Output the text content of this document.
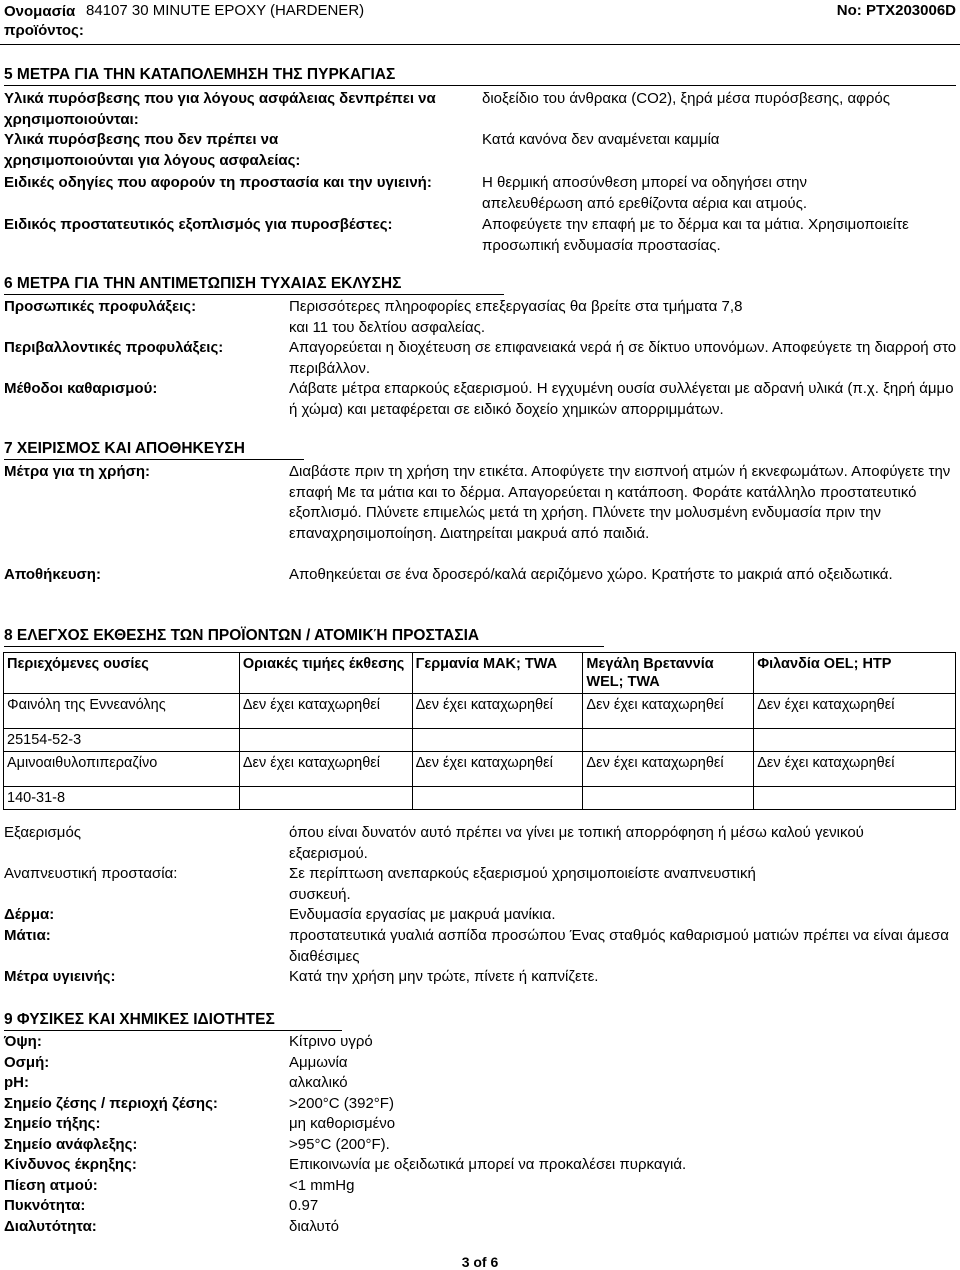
Ονομασία προϊόντος:
84107 30 MINUTE EPOXY (HARDENER)	No: PTX203006D
5 ΜΕΤΡΑ ΓΙΑ ΤΗΝ ΚΑΤΑΠΟΛΕΜΗΣΗ ΤΗΣ ΠΥΡΚΑΓΙΑΣ
Υλικά πυρόσβεσης που για λόγους ασφάλειας δενπρέπει να χρησιμοποιούνται:
διοξείδιο του άνθρακα (CO2), ξηρά μέσα πυρόσβεσης, αφρός
Υλικά πυρόσβεσης που δεν πρέπει να χρησιμοποιούνται για λόγους ασφαλείας:
Κατά κανόνα δεν αναμένεται καμμία
Ειδικές οδηγίες που αφορούν τη προστασία και την υγιεινή:	Η θερμική αποσύνθεση μπορεί να οδηγήσει στην απελευθέρωση από ερεθίζοντα αέρια και ατμούς.
Ειδικός προστατευτικός εξοπλισμός για πυροσβέστες:	Αποφεύγετε την επαφή με το δέρμα και τα μάτια. Χρησιμοποιείτε προσωπική ενδυμασία προστασίας.
6 ΜΕΤΡΑ ΓΙΑ ΤΗΝ ΑΝΤΙΜΕΤΩΠΙΣΗ ΤΥΧΑΙΑΣ ΕΚΛΥΣΗΣ
Προσωπικές προφυλάξεις:	Περισσότερες πληροφορίες επεξεργασίας θα βρείτε στα τμήματα 7,8 και 11 του δελτίου ασφαλείας.
Περιβαλλοντικές προφυλάξεις:	Απαγορεύεται η διοχέτευση σε επιφανειακά νερά ή σε δίκτυο υπονόμων. Αποφεύγετε τη διαρροή στο περιβάλλον.
Μέθοδοι καθαρισμού:	Λάβατε μέτρα επαρκούς εξαερισμού. Η εγχυμένη ουσία συλλέγεται με αδρανή υλικά (π.χ. ξηρή άμμο ή χώμα) και μεταφέρεται σε ειδικό δοχείο χημικών απορριμμάτων.
7 ΧΕΙΡΙΣΜΟΣ ΚΑΙ ΑΠΟΘΗΚΕΥΣΗ
Μέτρα για τη χρήση:	Διαβάστε πριν τη χρήση την ετικέτα. Αποφύγετε την εισπνοή ατμών ή εκνεφωμάτων. Αποφύγετε την επαφή Με τα μάτια και το δέρμα. Απαγορεύεται η κατάποση. Φοράτε κατάλληλο προστατευτικό εξοπλισμό. Πλύνετε επιμελώς μετά τη χρήση. Πλύνετε την μολυσμένη ενδυμασία πριν την επαναχρησιμοποίηση. Διατηρείται μακρυά από παιδιά.
Αποθήκευση:	Αποθηκεύεται σε ένα δροσερό/καλά αεριζόμενο χώρο. Κρατήστε το μακριά από οξειδωτικά.
8 ΕΛΕΓΧΟΣ ΕΚΘΕΣΗΣ ΤΩΝ ΠΡΟΪΟΝΤΩΝ / ΑΤΟΜΙΚΉ ΠΡΟΣΤΑΣΙΑ
Περιεχόμενες ουσίες	Οριακές τιμήες έκθεσης	Γερμανία MAK; TWA	Μεγάλη Βρεταννία WEL; TWA	Φιλανδία OEL; HTP
Φαινόλη της Εννεανόλης	Δεν έχει καταχωρηθεί	Δεν έχει καταχωρηθεί	Δεν έχει καταχωρηθεί	Δεν έχει καταχωρηθεί
25154-52-3				
Αμινοαιθυλοπιπεραζίνο	Δεν έχει καταχωρηθεί	Δεν έχει καταχωρηθεί	Δεν έχει καταχωρηθεί	Δεν έχει καταχωρηθεί
140-31-8				
Εξαερισμός	όπου είναι δυνατόν αυτό πρέπει να γίνει με τοπική απορρόφηση ή μέσω καλού γενικού εξαερισμού.
Αναπνευστική προστασία:	Σε περίπτωση ανεπαρκούς εξαερισμού χρησιμοποιείστε αναπνευστική συσκευή.
Δέρμα:	Ενδυμασία εργασίας με μακρυά μανίκια.
Μάτια:	προστατευτικά γυαλιά ασπίδα προσώπου Ένας σταθμός καθαρισμού ματιών πρέπει να είναι άμεσα διαθέσιμες
Μέτρα υγιεινής:	Κατά την χρήση μην τρώτε, πίνετε ή καπνίζετε.
9 ΦΥΣΙΚΕΣ ΚΑΙ ΧΗΜΙΚΕΣ ΙΔΙΟΤΗΤΕΣ
Όψη:	Κίτρινο υγρό
Οσμή:	Αμμωνία
pH:	αλκαλικό
Σημείο ζέσης / περιοχή ζέσης:	>200°C (392°F)
Σημείο τήξης:	μη καθορισμένο
Σημείο ανάφλεξης:	>95°C (200°F).
Κίνδυνος έκρηξης:	Επικοινωνία με οξειδωτικά μπορεί να προκαλέσει πυρκαγιά.
Πίεση ατμού:	<1 mmHg
Πυκνότητα:	0.97
Διαλυτότητα:	διαλυτό
3 of 6
